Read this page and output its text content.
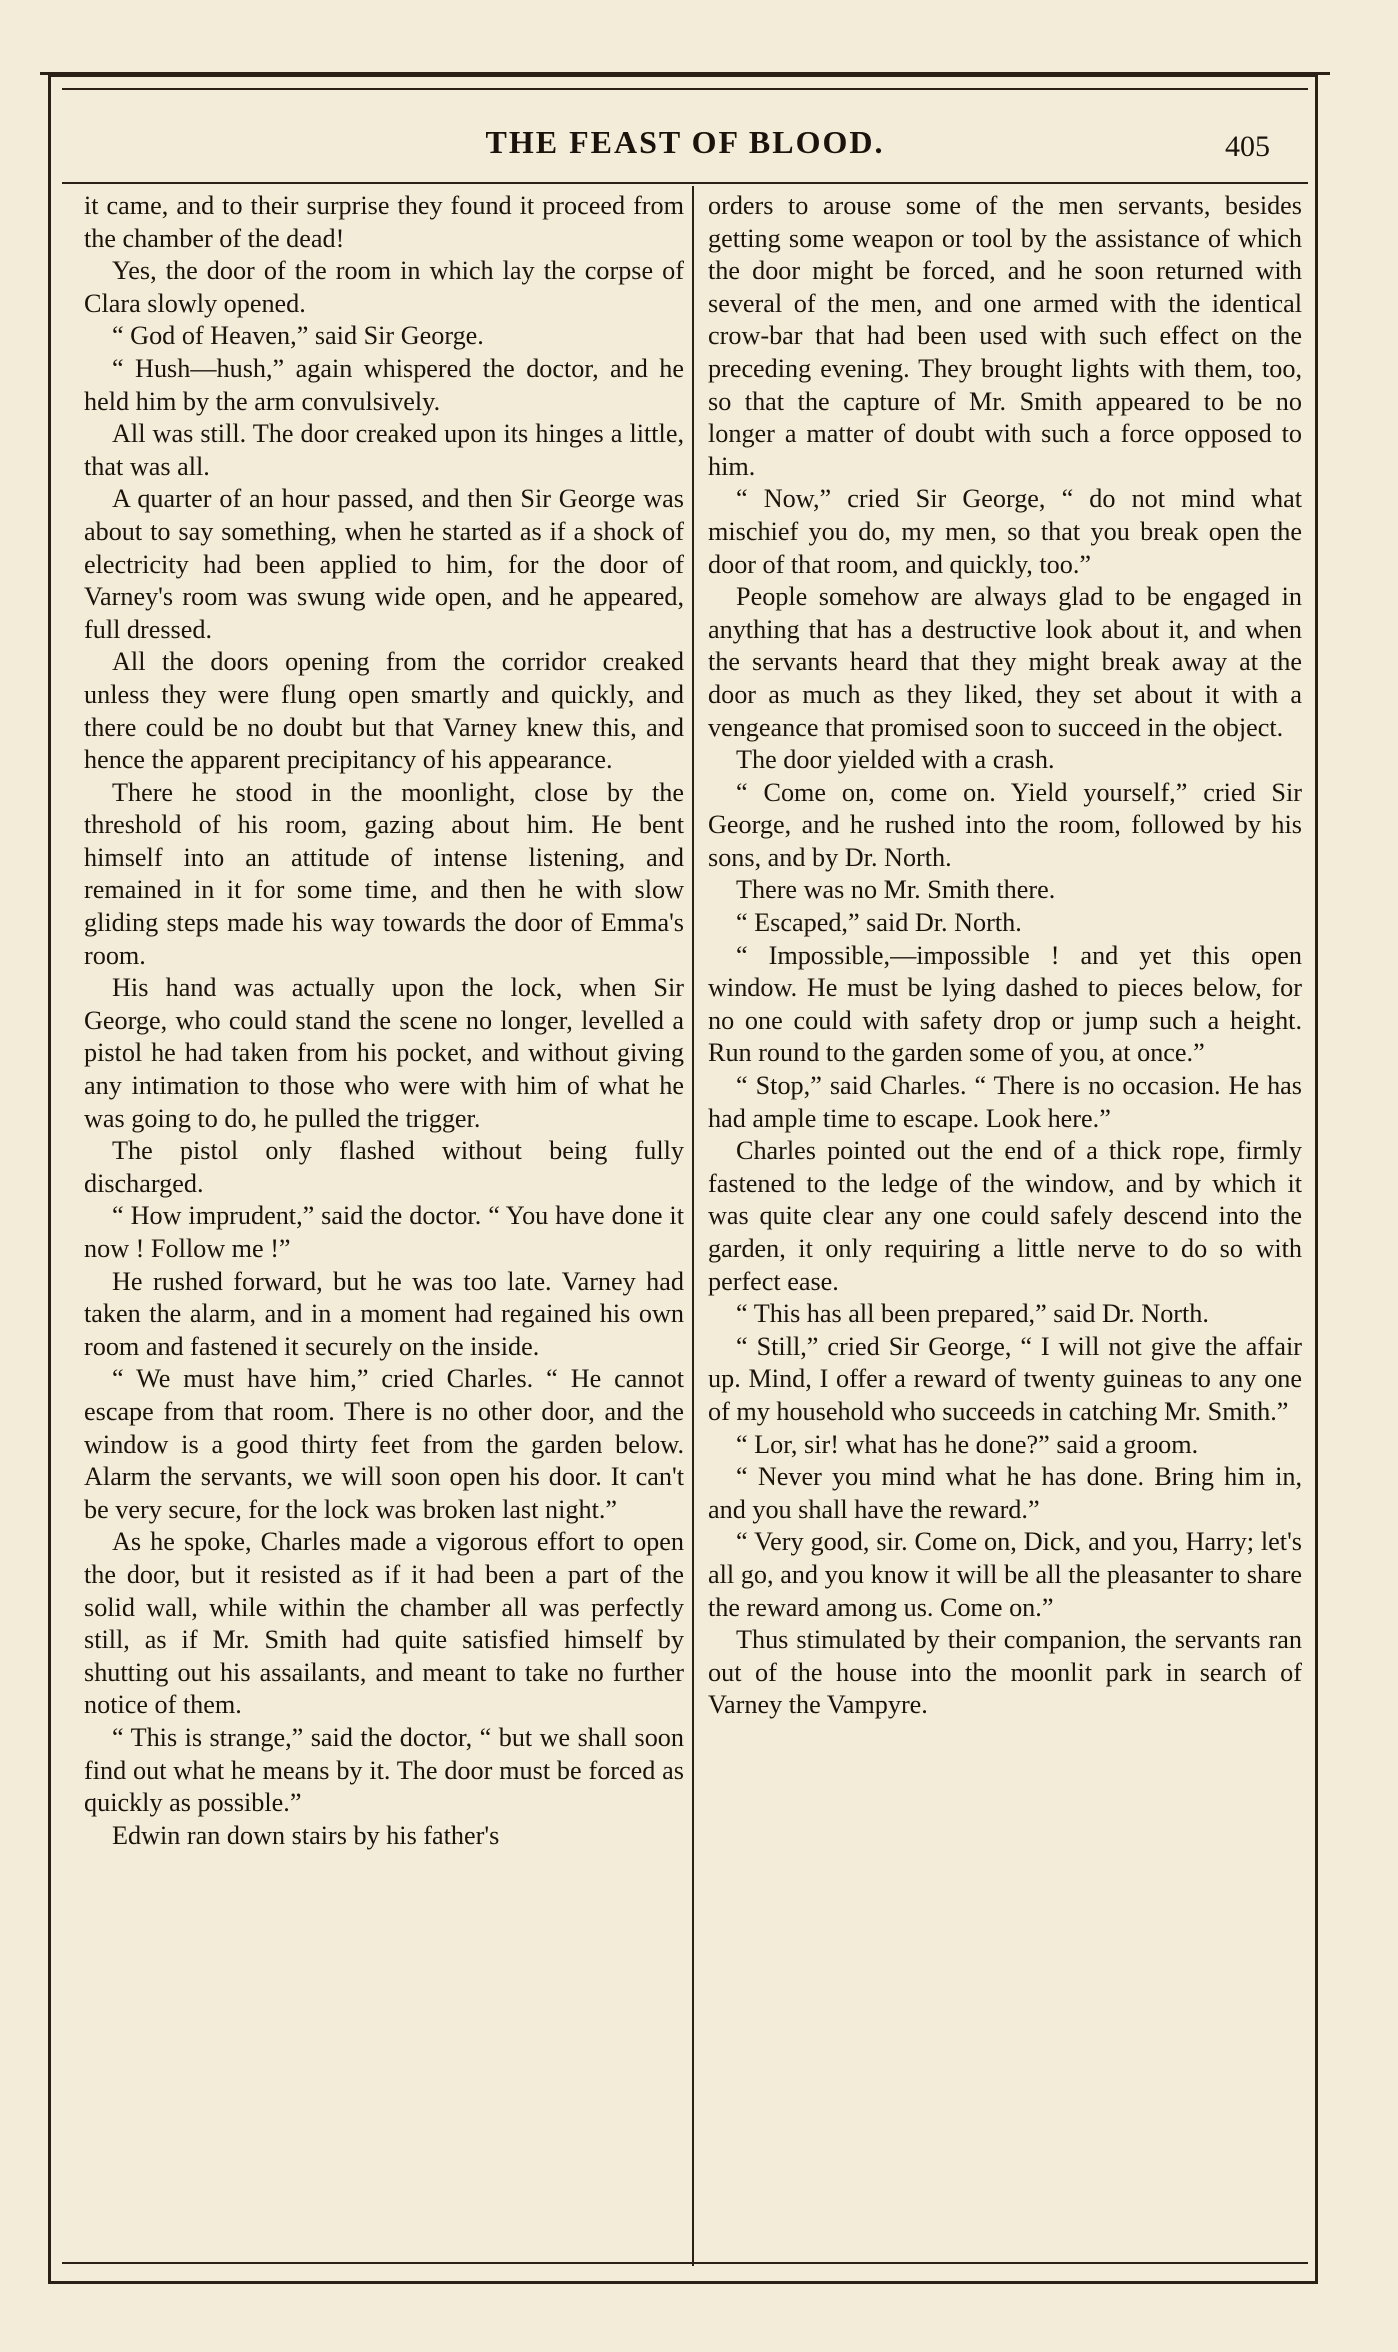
THE FEAST OF BLOOD.	405

it came, and to their surprise they found it proceed from the chamber of the dead!

Yes, the door of the room in which lay the corpse of Clara slowly opened.

“ God of Heaven,” said Sir George.

“ Hush—hush,” again whispered the doctor, and he held him by the arm convulsively.

All was still. The door creaked upon its hinges a little, that was all.

A quarter of an hour passed, and then Sir George was about to say something, when he started as if a shock of electricity had been applied to him, for the door of Varney's room was swung wide open, and he appeared, full dressed.

All the doors opening from the corridor creaked unless they were flung open smartly and quickly, and there could be no doubt but that Varney knew this, and hence the apparent precipitancy of his appearance.

There he stood in the moonlight, close by the threshold of his room, gazing about him. He bent himself into an attitude of intense listening, and remained in it for some time, and then he with slow gliding steps made his way towards the door of Emma's room.

His hand was actually upon the lock, when Sir George, who could stand the scene no longer, levelled a pistol he had taken from his pocket, and without giving any intimation to those who were with him of what he was going to do, he pulled the trigger.

The pistol only flashed without being fully discharged.

“ How imprudent,” said the doctor. “ You have done it now ! Follow me !”

He rushed forward, but he was too late. Varney had taken the alarm, and in a moment had regained his own room and fastened it securely on the inside.

“ We must have him,” cried Charles. “ He cannot escape from that room. There is no other door, and the window is a good thirty feet from the garden below. Alarm the servants, we will soon open his door. It can't be very secure, for the lock was broken last night.”

As he spoke, Charles made a vigorous effort to open the door, but it resisted as if it had been a part of the solid wall, while within the chamber all was perfectly still, as if Mr. Smith had quite satisfied himself by shutting out his assailants, and meant to take no further notice of them.

“ This is strange,” said the doctor, “ but we shall soon find out what he means by it. The door must be forced as quickly as possible.”

Edwin ran down stairs by his father's

orders to arouse some of the men servants, besides getting some weapon or tool by the assistance of which the door might be forced, and he soon returned with several of the men, and one armed with the identical crow-bar that had been used with such effect on the preceding evening. They brought lights with them, too, so that the capture of Mr. Smith appeared to be no longer a matter of doubt with such a force opposed to him.

“ Now,” cried Sir George, “ do not mind what mischief you do, my men, so that you break open the door of that room, and quickly, too.”

People somehow are always glad to be engaged in anything that has a destructive look about it, and when the servants heard that they might break away at the door as much as they liked, they set about it with a vengeance that promised soon to succeed in the object.

The door yielded with a crash.

“ Come on, come on. Yield yourself,” cried Sir George, and he rushed into the room, followed by his sons, and by Dr. North.

There was no Mr. Smith there.

“ Escaped,” said Dr. North.

“ Impossible,—impossible ! and yet this open window. He must be lying dashed to pieces below, for no one could with safety drop or jump such a height. Run round to the garden some of you, at once.”

“ Stop,” said Charles. “ There is no occasion. He has had ample time to escape. Look here.”

Charles pointed out the end of a thick rope, firmly fastened to the ledge of the window, and by which it was quite clear any one could safely descend into the garden, it only requiring a little nerve to do so with perfect ease.

“ This has all been prepared,” said Dr. North.

“ Still,” cried Sir George, “ I will not give the affair up. Mind, I offer a reward of twenty guineas to any one of my household who succeeds in catching Mr. Smith.”

“ Lor, sir! what has he done?” said a groom.

“ Never you mind what he has done. Bring him in, and you shall have the reward.”

“ Very good, sir. Come on, Dick, and you, Harry; let's all go, and you know it will be all the pleasanter to share the reward among us. Come on.”

Thus stimulated by their companion, the servants ran out of the house into the moonlit park in search of Varney the Vampyre.
